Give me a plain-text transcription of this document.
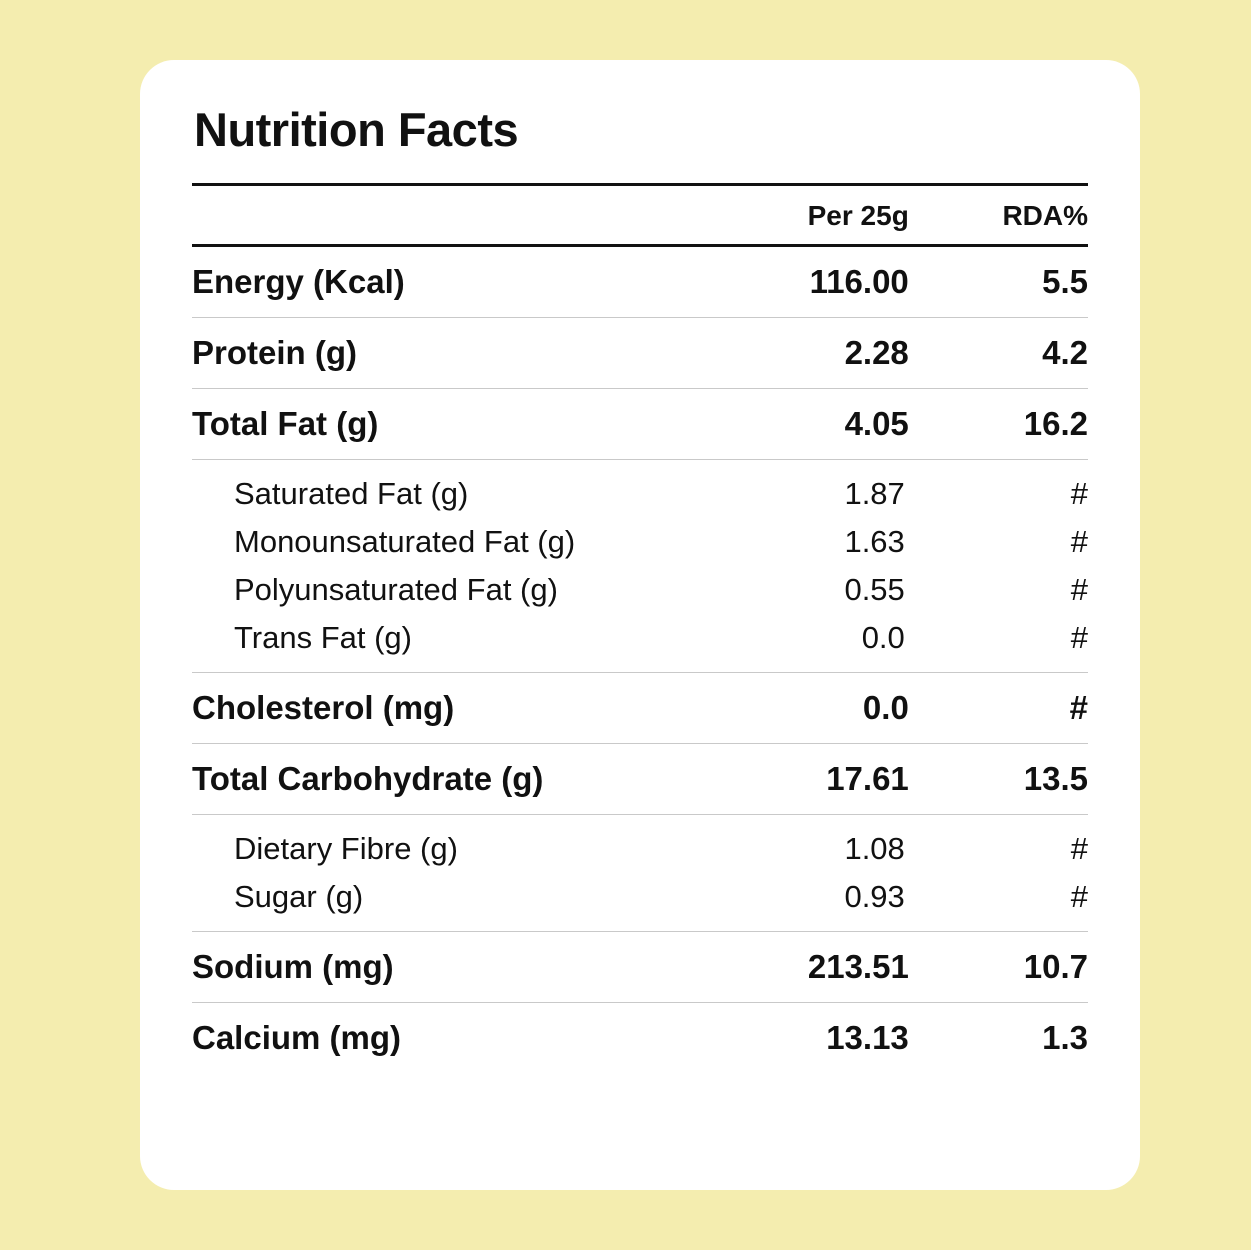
Nutrition Facts

	Per 25g	RDA%

Energy (Kcal)	116.00	5.5

Protein (g)	2.28	4.2

Total Fat (g)	4.05	16.2

Saturated Fat (g)	1.87	#
Monounsaturated Fat (g)	1.63	#
Polyunsaturated Fat (g)	0.55	#
Trans Fat (g)	0.0	#

Cholesterol (mg)	0.0	#

Total Carbohydrate (g)	17.61	13.5

Dietary Fibre (g)	1.08	#
Sugar (g)	0.93	#

Sodium (mg)	213.51	10.7

Calcium (mg)	13.13	1.3
